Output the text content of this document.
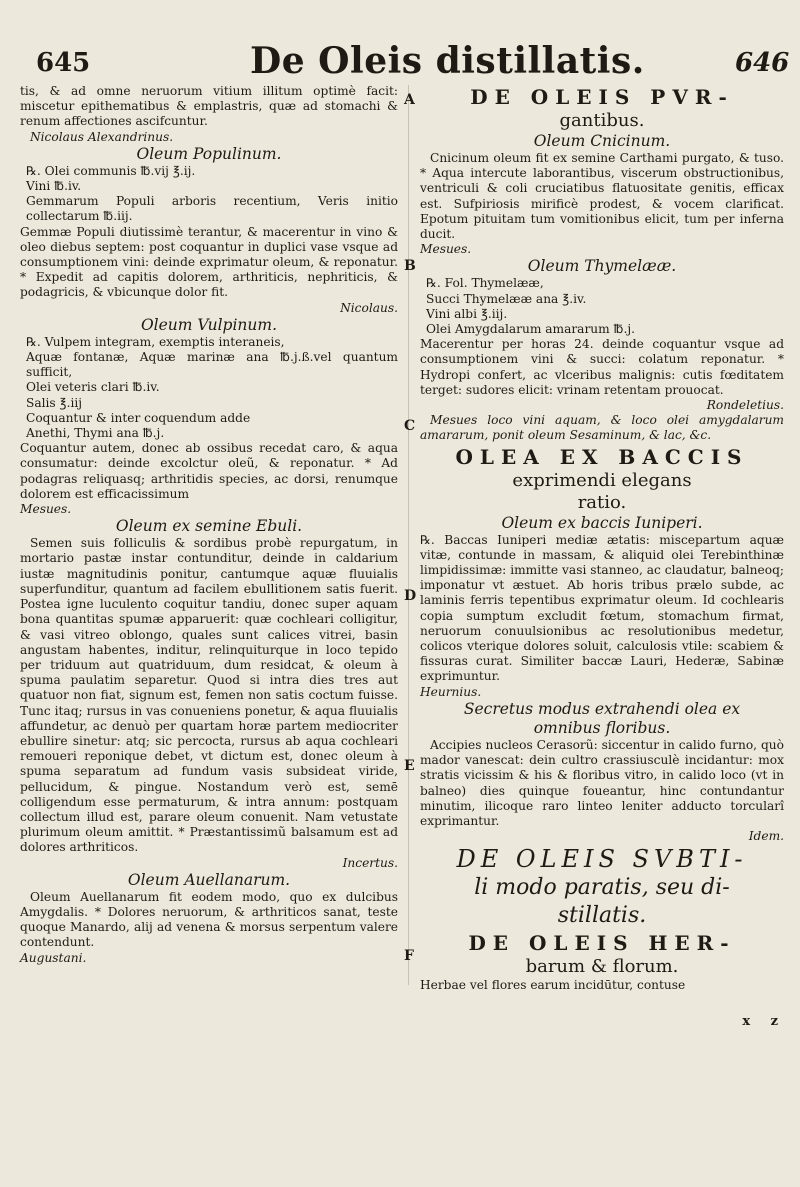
645	De Oleis distillatis.	646
A
B
C
D
E
F

tis, & ad omne neruorum vitium illitum optimè facit: miscetur epithematibus & emplastris, quæ ad stomachi & renum affectiones ascifcuntur.

Nicolaus Alexandrinus.

Oleum Populinum.

℞. Olei communis ℔.vij ℥.ij.

Vini ℔.iv.

Gemmarum Populi arboris recentium, Veris initio collectarum ℔.iij.

Gemmæ Populi diutissimè terantur, & macerentur in vino & oleo diebus septem: post coquantur in duplici vase vsque ad consumptionem vini: deinde exprimatur oleum, & reponatur. * Expedit ad capitis dolorem, arthriticis, nephriticis, & podagricis, & vbicunque dolor fit.

Nicolaus.

Oleum Vulpinum.

℞. Vulpem integram, exemptis interaneis,

Aquæ fontanæ, Aquæ marinæ ana ℔.j.ß.vel quantum sufficit,

Olei veteris clari ℔.iv.

Salis ℥.iij

Coquantur & inter coquendum adde

Anethi, Thymi ana ℔.j.

Coquantur autem, donec ab ossibus recedat caro, & aqua consumatur: deinde excolctur oleũ, & reponatur. * Ad podagras reliquasq; arthritidis species, ac dorsi, renumque dolorem est efficacissimum

Mesues.

Oleum ex semine Ebuli.

Semen suis folliculis & sordibus probè repurgatum, in mortario pastæ instar contunditur, deinde in caldarium iustæ magnitudinis ponitur, cantumque aquæ fluuialis superfunditur, quantum ad facilem ebullitionem satis fuerit. Postea igne luculento coquitur tandiu, donec super aquam bona quantitas spumæ apparuerit: quæ cochleari colligitur, & vasi vitreo oblongo, quales sunt calices vitrei, basin angustam habentes, inditur, relinquiturque in loco tepido per triduum aut quatriduum, dum residcat, & oleum à spuma paulatim separetur. Quod si intra dies tres aut quatuor non fiat, signum est, femen non satis coctum fuisse. Tunc itaq; rursus in vas conueniens ponetur, & aqua fluuialis affundetur, ac denuò per quartam horæ partem mediocriter ebullire sinetur: atq; sic percocta, rursus ab aqua cochleari remoueri reponique debet, vt dictum est, donec oleum à spuma separatum ad fundum vasis subsideat viride, pellucidum, & pingue. Nostandum verò est, semē colligendum esse permaturum, & intra annum: postquam collectum illud est, parare oleum conuenit. Nam vetustate plurimum oleum amittit. * Præstantissimũ balsamum est ad dolores arthriticos.

Incertus.

Oleum Auellanarum.

Oleum Auellanarum fit eodem modo, quo ex dulcibus Amygdalis. * Dolores neruorum, & arthriticos sanat, teste quoque Manardo, alij ad venena & morsus serpentum valere contendunt.

Augustani.

DE OLEIS PVR-

gantibus.

Oleum Cnicinum.

Cnicinum oleum fit ex semine Carthami purgato, & tuso. * Aqua intercute laborantibus, viscerum obstructionibus, ventriculi & coli cruciatibus flatuositate genitis, efficax est. Sufpiriosis mirificè prodest, & vocem clarificat. Epotum pituitam tum vomitionibus elicit, tum per inferna ducit.

Mesues.

Oleum Thymelææ.

℞. Fol. Thymelææ,

Succi Thymelææ ana ℥.iv.

Vini albi ℥.iij.

Olei Amygdalarum amararum ℔.j.

Macerentur per horas 24. deinde coquantur vsque ad consumptionem vini & succi: colatum reponatur. * Hydropi confert, ac vlceribus malignis: cutis fœditatem terget: sudores elicit: vrinam retentam prouocat.

Rondeletius.

Mesues loco vini aquam, & loco olei amygdalarum amararum, ponit oleum Sesaminum, & lac, &c.

OLEA EX BACCIS

exprimendi elegans

ratio.

Oleum ex baccis Iuniperi.

℞. Baccas Iuniperi mediæ ætatis: miscepartum aquæ vitæ, contunde in massam, & aliquid olei Terebinthinæ limpidissimæ: immitte vasi stanneo, ac claudatur, balneoq; imponatur vt æstuet. Ab horis tribus prælo subde, ac laminis ferris tepentibus exprimatur oleum. Id cochlearis copia sumptum excludit fœtum, stomachum firmat, neruorum conuulsionibus ac resolutionibus medetur, colicos vterique dolores soluit, calculosis vtile: scabiem & fissuras curat. Similiter baccæ Lauri, Hederæ, Sabinæ exprimuntur.

Heurnius.

Secretus modus extrahendi olea ex

omnibus floribus.

Accipies nucleos Cerasorũ: siccentur in calido furno, quò mador vanescat: dein cultro crassiusculè incidantur: mox stratis vicissim & his & floribus vitro, in calido loco (vt in balneo) dies quinque foueantur, hinc contundantur minutim, ilicoque raro linteo leniter adducto torcularî exprimantur.

Idem.

DE OLEIS SVBTI-

li modo paratis, seu di-

stillatis.

DE OLEIS HER-

barum & florum.

Herbae vel flores earum incidūtur, contuse

x z
